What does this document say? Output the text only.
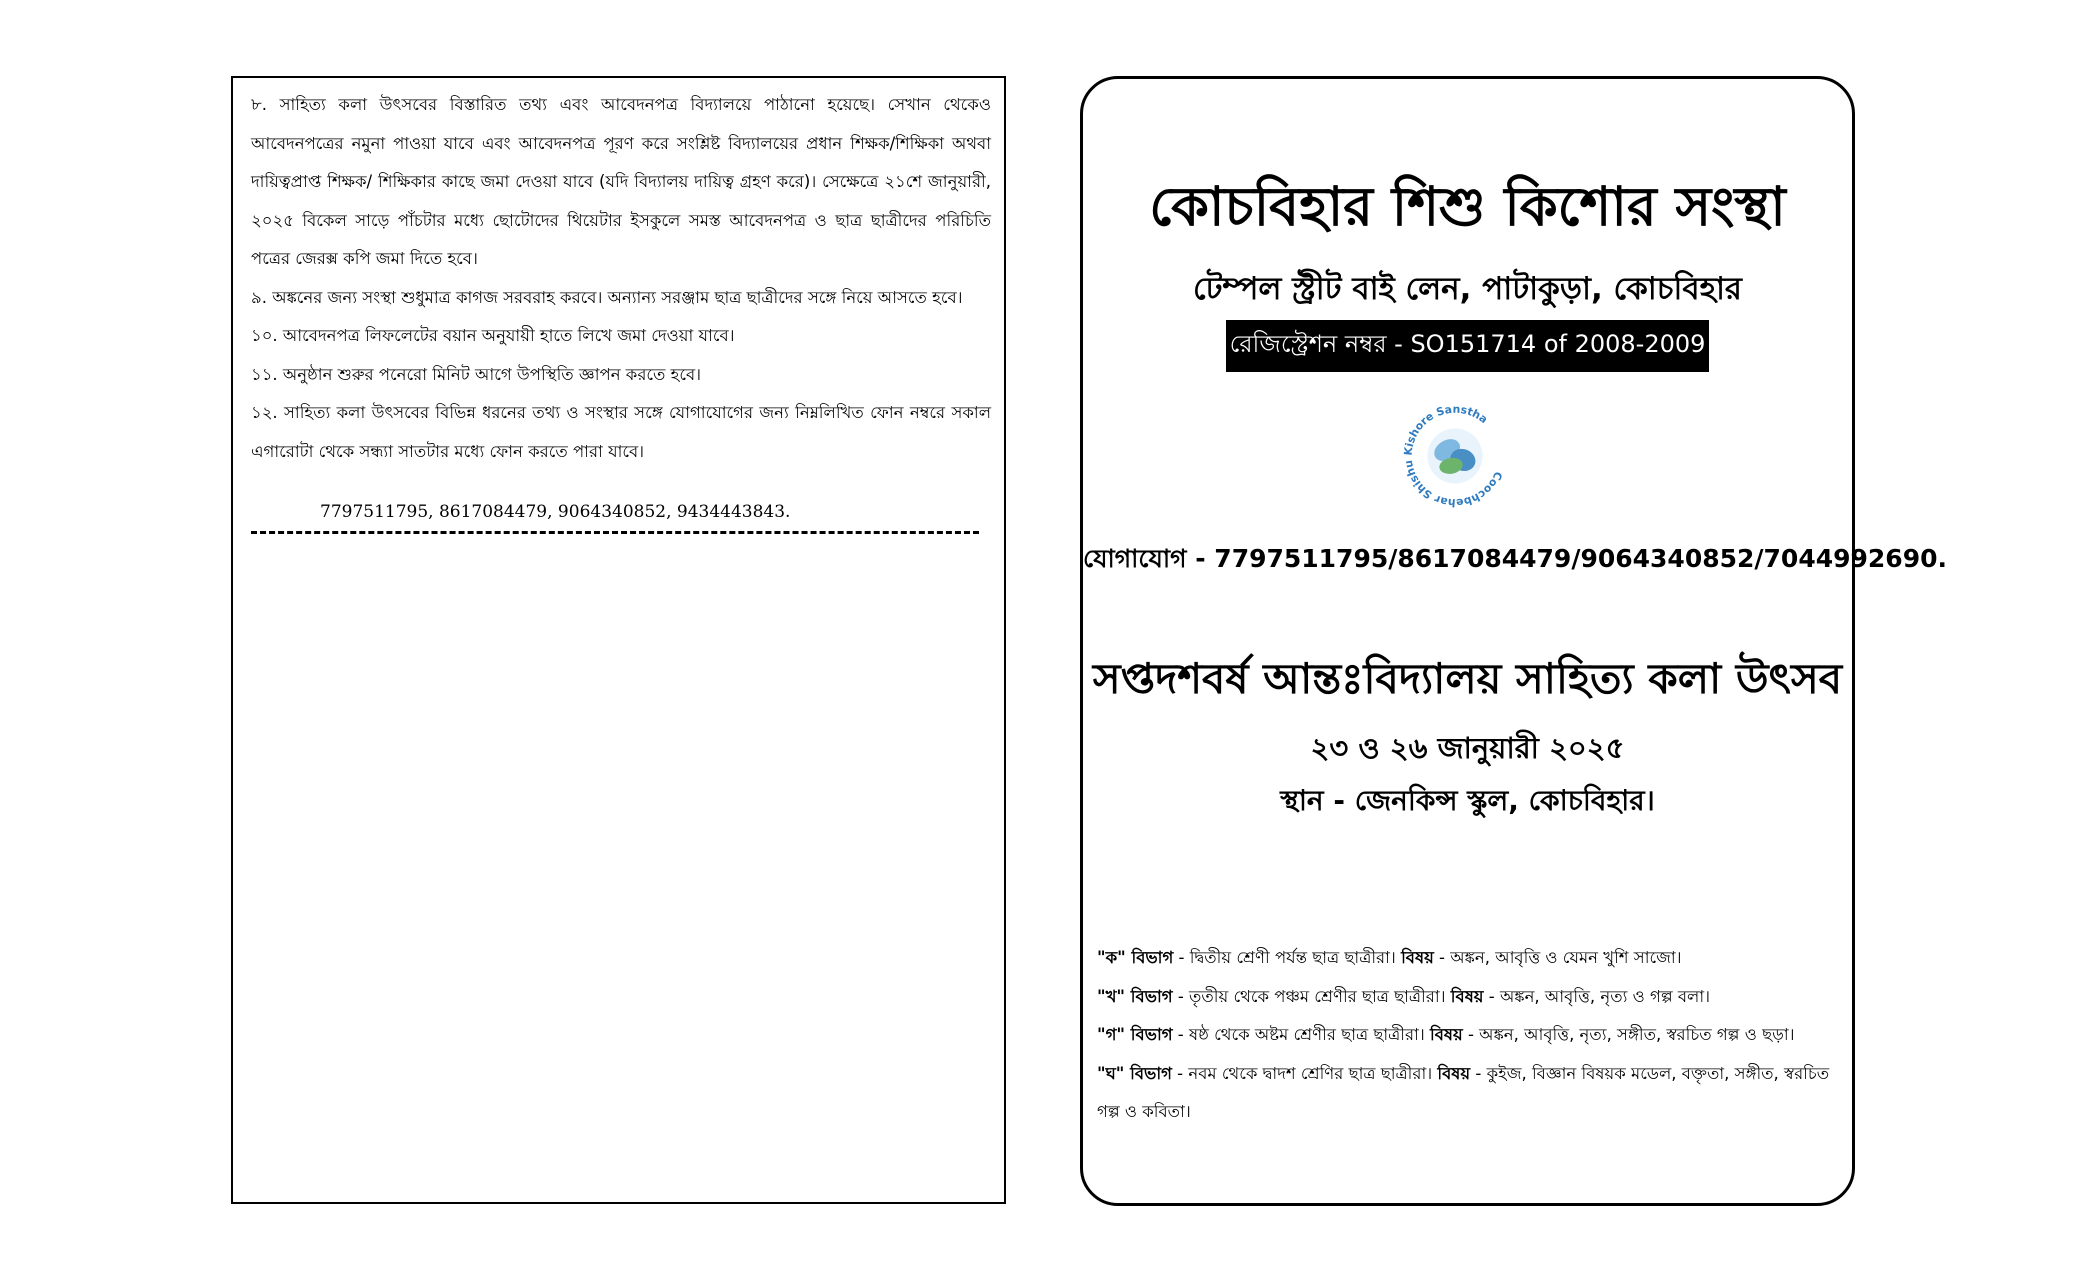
৮. সাহিত্য কলা উৎসবের বিস্তারিত তথ্য এবং আবেদনপত্র বিদ্যালয়ে পাঠানো হয়েছে। সেখান থেকেও আবেদনপত্রের নমুনা পাওয়া যাবে এবং আবেদনপত্র পূরণ করে সংশ্লিষ্ট বিদ্যালয়ের প্রধান শিক্ষক/শিক্ষিকা অথবা দায়িত্বপ্রাপ্ত শিক্ষক/ শিক্ষিকার কাছে জমা দেওয়া যাবে (যদি বিদ্যালয় দায়িত্ব গ্রহণ করে)। সেক্ষেত্রে ২১শে জানুয়ারী, ২০২৫ বিকেল সাড়ে পাঁচটার মধ্যে ছোটোদের থিয়েটার ইসকুলে সমস্ত আবেদনপত্র ও ছাত্র ছাত্রীদের পরিচিতি পত্রের জেরক্স কপি জমা দিতে হবে।
৯. অঙ্কনের জন্য সংস্থা শুধুমাত্র কাগজ সরবরাহ করবে। অন্যান্য সরঞ্জাম ছাত্র ছাত্রীদের সঙ্গে নিয়ে আসতে হবে।
১০. আবেদনপত্র লিফলেটের বয়ান অনুযায়ী হাতে লিখে জমা দেওয়া যাবে।
১১. অনুষ্ঠান শুরুর পনেরো মিনিট আগে উপস্থিতি জ্ঞাপন করতে হবে।
১২. সাহিত্য কলা উৎসবের বিভিন্ন ধরনের তথ্য ও সংস্থার সঙ্গে যোগাযোগের জন্য নিম্নলিখিত ফোন নম্বরে সকাল এগারোটা থেকে সন্ধ্যা সাতটার মধ্যে ফোন করতে পারা যাবে।
7797511795, 8617084479, 9064340852, 9434443843.
কোচবিহার শিশু কিশোর সংস্থা
টেম্পল স্ট্রীট বাই লেন, পাটাকুড়া, কোচবিহার
রেজিস্ট্রেশন নম্বর - SO151714 of 2008-2009
Coochbehar Shishu Kishore Sanstha
যোগাযোগ - 7797511795/8617084479/9064340852/7044992690.
সপ্তদশবর্ষ আন্তঃবিদ্যালয় সাহিত্য কলা উৎসব
২৩ ও ২৬ জানুয়ারী ২০২৫
স্থান - জেনকিন্স স্কুল, কোচবিহার।
"ক" বিভাগ - দ্বিতীয় শ্রেণী পর্যন্ত ছাত্র ছাত্রীরা। বিষয় - অঙ্কন, আবৃত্তি ও যেমন খুশি সাজো।
"খ" বিভাগ - তৃতীয় থেকে পঞ্চম শ্রেণীর ছাত্র ছাত্রীরা। বিষয় - অঙ্কন, আবৃত্তি, নৃত্য ও গল্প বলা।
"গ" বিভাগ - ষষ্ঠ থেকে অষ্টম শ্রেণীর ছাত্র ছাত্রীরা। বিষয় - অঙ্কন, আবৃত্তি, নৃত্য, সঙ্গীত, স্বরচিত গল্প ও ছড়া।
"ঘ" বিভাগ - নবম থেকে দ্বাদশ শ্রেণির ছাত্র ছাত্রীরা। বিষয় - কুইজ, বিজ্ঞান বিষয়ক মডেল, বক্তৃতা, সঙ্গীত, স্বরচিত গল্প ও কবিতা।
